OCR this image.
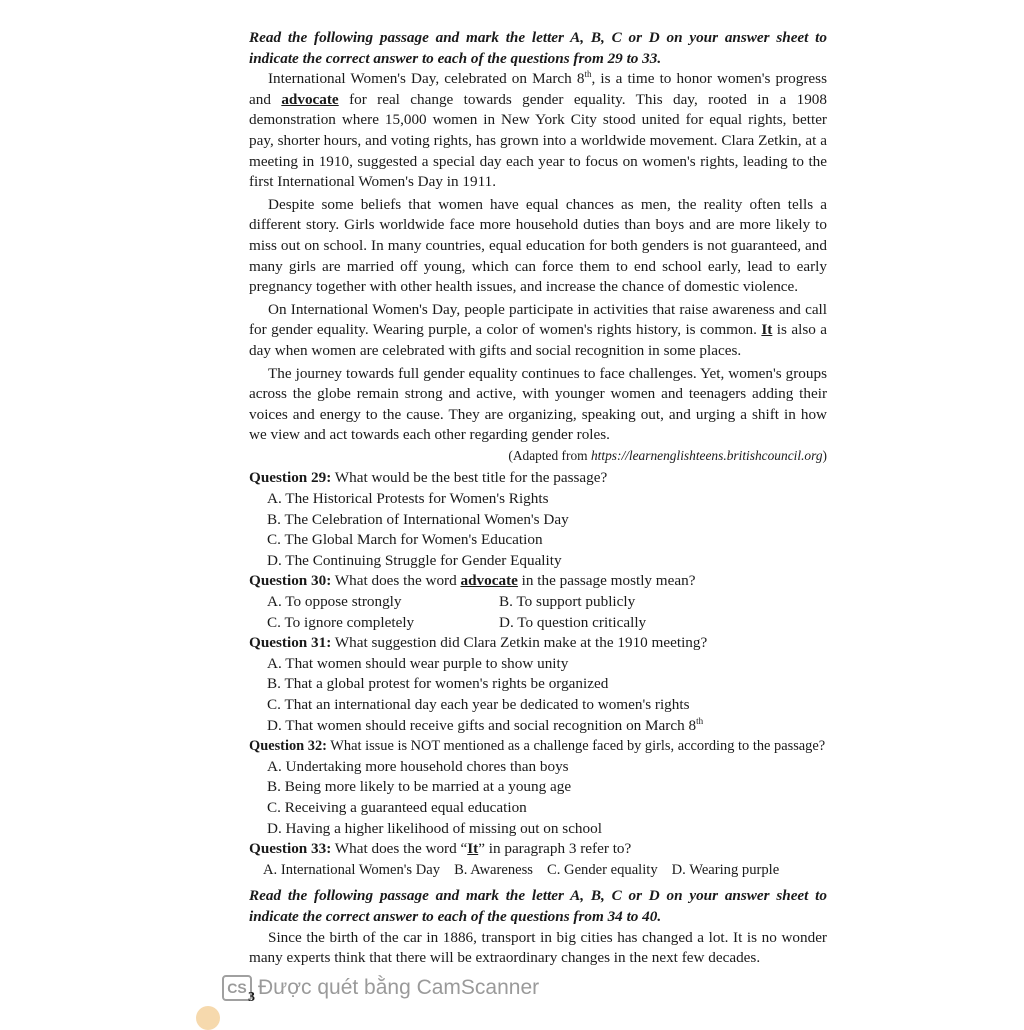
Read the following passage and mark the letter A, B, C or D on your answer sheet to indicate the correct answer to each of the questions from 29 to 33.

International Women's Day, celebrated on March 8th, is a time to honor women's progress and advocate for real change towards gender equality. This day, rooted in a 1908 demonstration where 15,000 women in New York City stood united for equal rights, better pay, shorter hours, and voting rights, has grown into a worldwide movement. Clara Zetkin, at a meeting in 1910, suggested a special day each year to focus on women's rights, leading to the first International Women's Day in 1911.

Despite some beliefs that women have equal chances as men, the reality often tells a different story. Girls worldwide face more household duties than boys and are more likely to miss out on school. In many countries, equal education for both genders is not guaranteed, and many girls are married off young, which can force them to end school early, lead to early pregnancy together with other health issues, and increase the chance of domestic violence.

On International Women's Day, people participate in activities that raise awareness and call for gender equality. Wearing purple, a color of women's rights history, is common. It is also a day when women are celebrated with gifts and social recognition in some places.

The journey towards full gender equality continues to face challenges. Yet, women's groups across the globe remain strong and active, with younger women and teenagers adding their voices and energy to the cause. They are organizing, speaking out, and urging a shift in how we view and act towards each other regarding gender roles.

(Adapted from https://learnenglishteens.britishcouncil.org)

Question 29: What would be the best title for the passage?

A. The Historical Protests for Women's Rights

B. The Celebration of International Women's Day

C. The Global March for Women's Education

D. The Continuing Struggle for Gender Equality

Question 30: What does the word advocate in the passage mostly mean?

A. To oppose strongly	B. To support publicly
C. To ignore completely	D. To question critically

Question 31: What suggestion did Clara Zetkin make at the 1910 meeting?

A. That women should wear purple to show unity

B. That a global protest for women's rights be organized

C. That an international day each year be dedicated to women's rights

D. That women should receive gifts and social recognition on March 8th

Question 32: What issue is NOT mentioned as a challenge faced by girls, according to the passage?

A. Undertaking more household chores than boys

B. Being more likely to be married at a young age

C. Receiving a guaranteed equal education

D. Having a higher likelihood of missing out on school

Question 33: What does the word “It” in paragraph 3 refer to?

A. International Women's Day B. Awareness C. Gender equality D. Wearing purple

Read the following passage and mark the letter A, B, C or D on your answer sheet to indicate the correct answer to each of the questions from 34 to 40.

Since the birth of the car in 1886, transport in big cities has changed a lot. It is no wonder many experts think that there will be extraordinary changes in the next few decades.

CS Được quét bằng CamScanner
3
